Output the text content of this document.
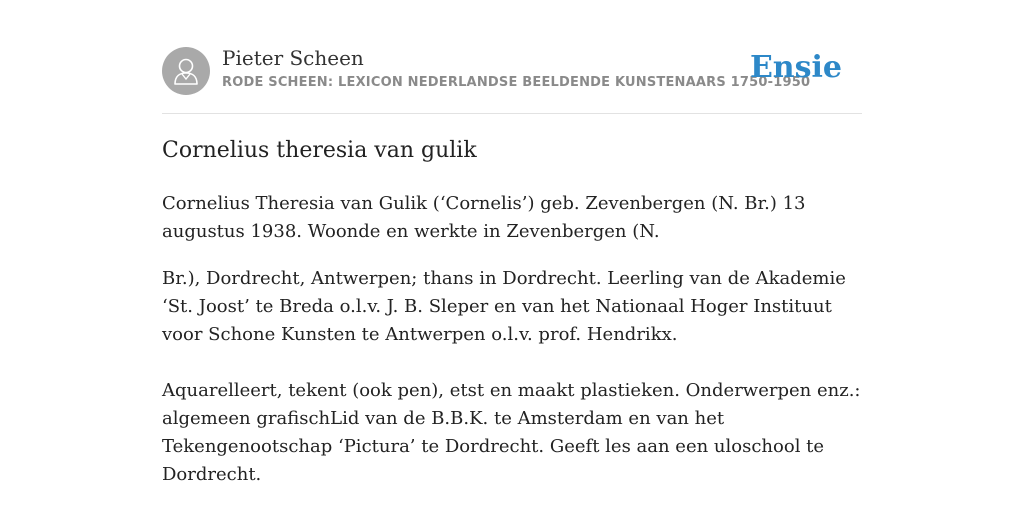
Pieter Scheen
RODE SCHEEN: LEXICON NEDERLANDSE BEELDENDE KUNSTENAARS 1750-1950
Ensie
Cornelius theresia van gulik

Cornelius Theresia van Gulik (‘Cornelis’) geb. Zevenbergen (N. Br.) 13 augustus 1938. Woonde en werkte in Zevenbergen (N.

Br.), Dordrecht, Antwerpen; thans in Dordrecht. Leerling van de Akademie ‘St. Joost’ te Breda o.l.v. J. B. Sleper en van het Nationaal Hoger Instituut voor Schone Kunsten te Antwerpen o.l.v. prof. Hendrikx.

Aquarelleert, tekent (ook pen), etst en maakt plastieken. Onderwerpen enz.: algemeen grafischLid van de B.B.K. te Amsterdam en van het Tekengenootschap ‘Pictura’ te Dordrecht. Geeft les aan een uloschool te Dordrecht.
